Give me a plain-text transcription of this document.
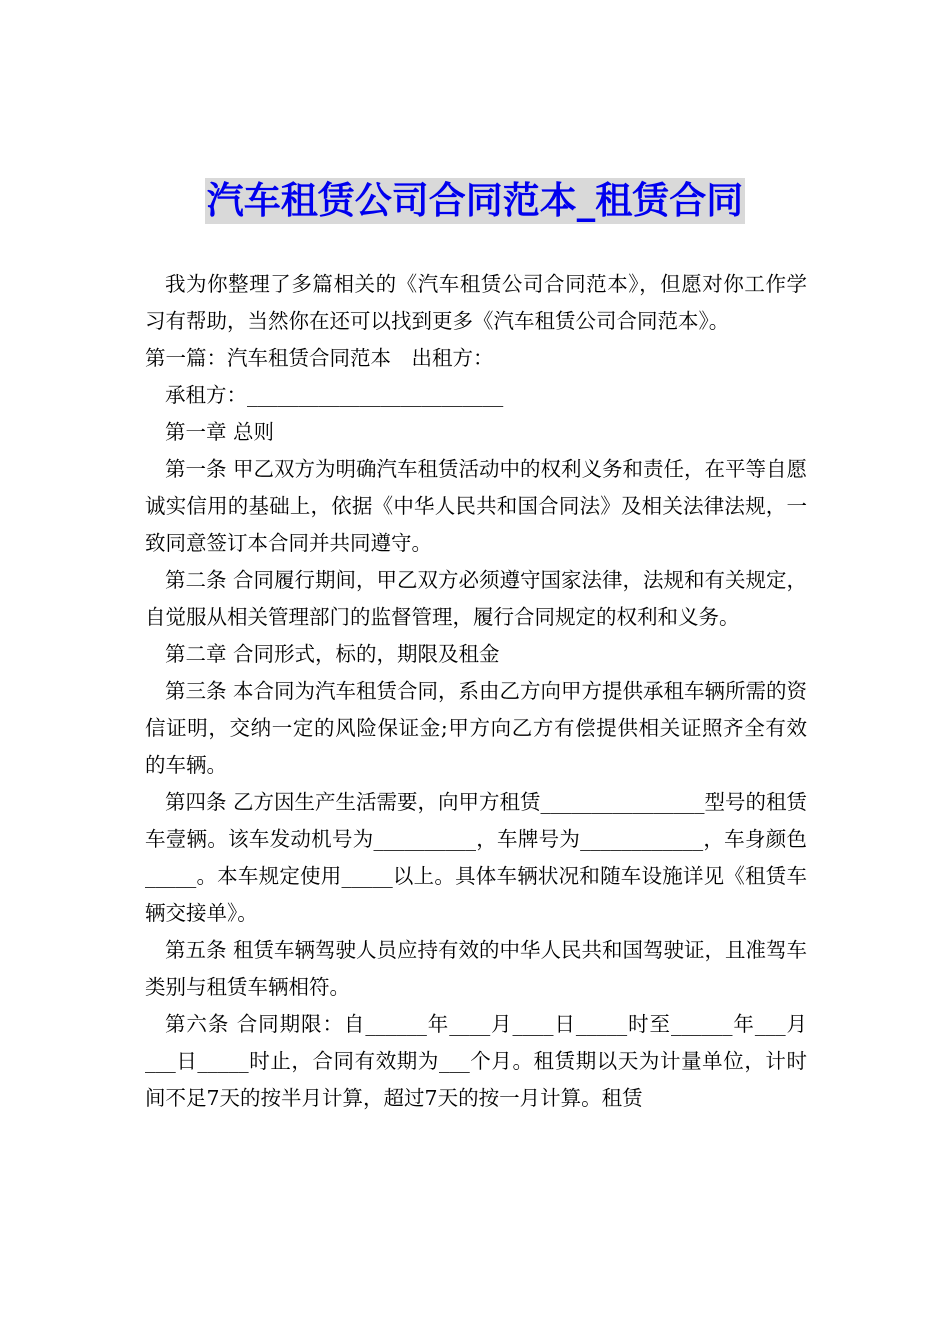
汽车租赁公司合同范本_租赁合同

我为你整理了多篇相关的《汽车租赁公司合同范本》，但愿对你工作学习有帮助，当然你在还可以找到更多《汽车租赁公司合同范本》。

第一篇：汽车租赁合同范本　出租方：

承租方：_________________________

第一章 总则

第一条 甲乙双方为明确汽车租赁活动中的权利义务和责任，在平等自愿诚实信用的基础上，依据《中华人民共和国合同法》及相关法律法规，一致同意签订本合同并共同遵守。

第二条 合同履行期间，甲乙双方必须遵守国家法律，法规和有关规定，自觉服从相关管理部门的监督管理，履行合同规定的权利和义务。

第二章 合同形式，标的，期限及租金

第三条 本合同为汽车租赁合同，系由乙方向甲方提供承租车辆所需的资信证明，交纳一定的风险保证金;甲方向乙方有偿提供相关证照齐全有效的车辆。

第四条 乙方因生产生活需要，向甲方租赁________________型号的租赁车壹辆。该车发动机号为__________，车牌号为____________，车身颜色_____。本车规定使用_____以上。具体车辆状况和随车设施详见《租赁车辆交接单》。

第五条 租赁车辆驾驶人员应持有效的中华人民共和国驾驶证，且准驾车类别与租赁车辆相符。

第六条 合同期限：自______年____月____日_____时至______年___月___日_____时止，合同有效期为___个月。租赁期以天为计量单位，计时间不足7天的按半月计算，超过7天的按一月计算。租赁
